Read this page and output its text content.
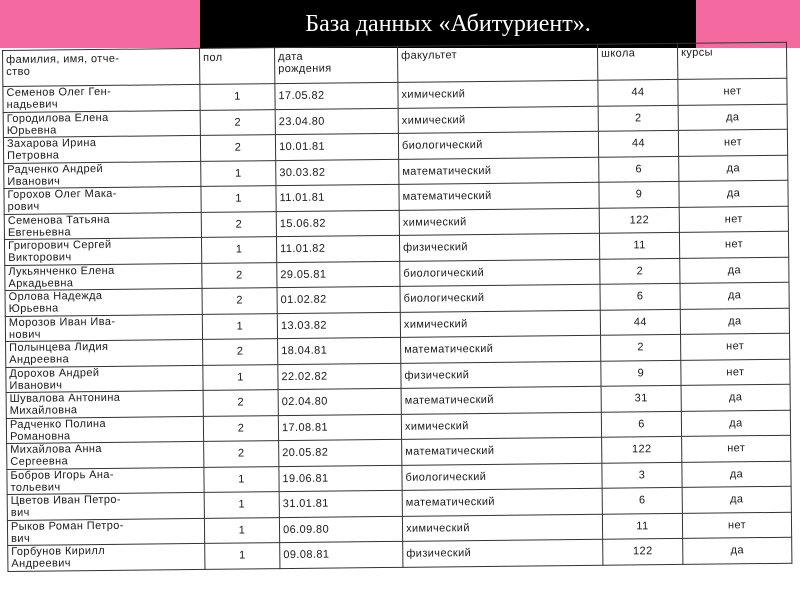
База данных «Абитуриент».
фамилия, имя, отче-
ство	пол	дата
рождения	факультет	школа	курсы
Семенов Олег Ген-
надьевич	1	17.05.82	химический	44	нет
Городилова Елена
Юрьевна	2	23.04.80	химический	2	да
Захарова Ирина
Петровна	2	10.01.81	биологический	44	нет
Радченко Андрей
Иванович	1	30.03.82	математический	6	да
Горохов Олег Мака-
рович	1	11.01.81	математический	9	да
Семенова Татьяна
Евгеньевна	2	15.06.82	химический	122	нет
Григорович Сергей
Викторович	1	11.01.82	физический	11	нет
Лукьянченко Елена
Аркадьевна	2	29.05.81	биологический	2	да
Орлова Надежда
Юрьевна	2	01.02.82	биологический	6	да
Морозов Иван Ива-
нович	1	13.03.82	химический	44	да
Полынцева Лидия
Андреевна	2	18.04.81	математический	2	нет
Дорохов Андрей
Иванович	1	22.02.82	физический	9	нет
Шувалова Антонина
Михайловна	2	02.04.80	математический	31	да
Радченко Полина
Романовна	2	17.08.81	химический	6	да
Михайлова Анна
Сергеевна	2	20.05.82	математический	122	нет
Бобров Игорь Ана-
тольевич	1	19.06.81	биологический	3	да
Цветов Иван Петро-
вич	1	31.01.81	математический	6	да
Рыков Роман Петро-
вич	1	06.09.80	химический	11	нет
Горбунов Кирилл
Андреевич	1	09.08.81	физический	122	да
